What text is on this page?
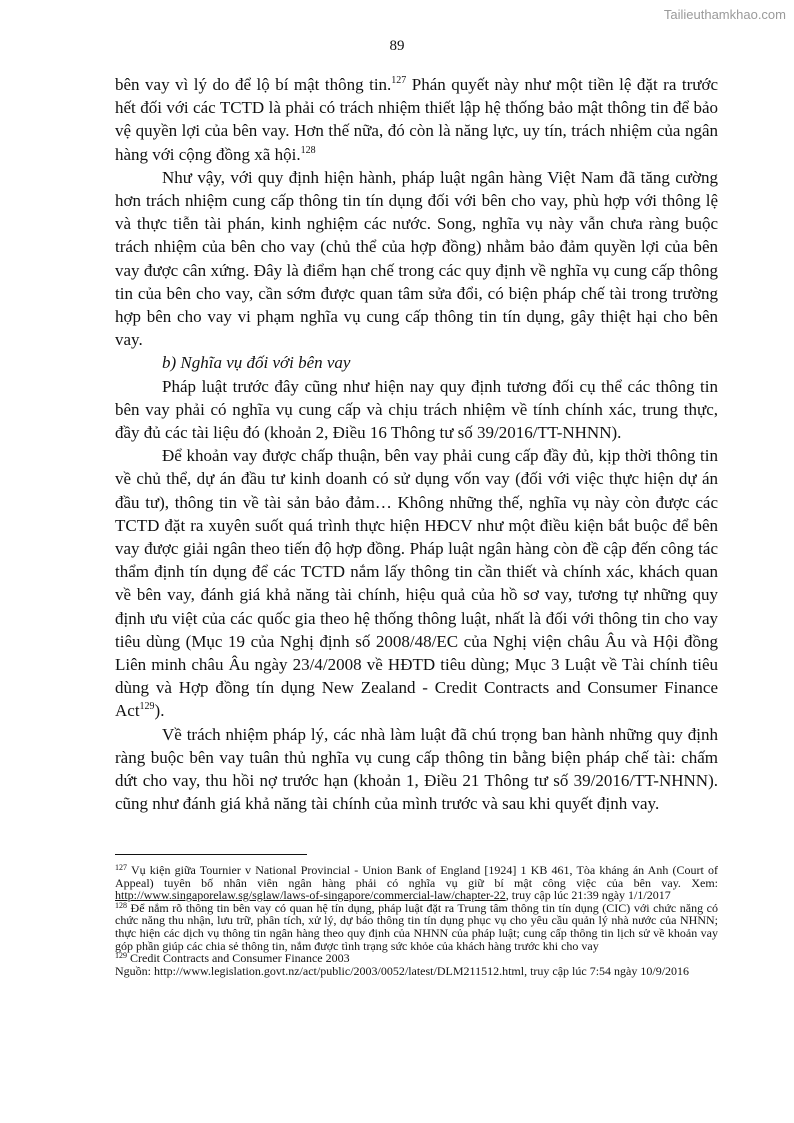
Tailieuthamkhao.com
89

bên vay vì lý do để lộ bí mật thông tin.$^{127}$ Phán quyết này như một tiền lệ đặt ra trước hết đối với các TCTD là phải có trách nhiệm thiết lập hệ thống bảo mật thông tin để bảo vệ quyền lợi của bên vay. Hơn thế nữa, đó còn là năng lực, uy tín, trách nhiệm của ngân hàng với cộng đồng xã hội.$^{128}$

Như vậy, với quy định hiện hành, pháp luật ngân hàng Việt Nam đã tăng cường hơn trách nhiệm cung cấp thông tin tín dụng đối với bên cho vay, phù hợp với thông lệ và thực tiễn tài phán, kinh nghiệm các nước. Song, nghĩa vụ này vẫn chưa ràng buộc trách nhiệm của bên cho vay (chủ thể của hợp đồng) nhằm bảo đảm quyền lợi của bên vay được cân xứng. Đây là điểm hạn chế trong các quy định về nghĩa vụ cung cấp thông tin của bên cho vay, cần sớm được quan tâm sửa đổi, có biện pháp chế tài trong trường hợp bên cho vay vi phạm nghĩa vụ cung cấp thông tin tín dụng, gây thiệt hại cho bên vay.

b) Nghĩa vụ đối với bên vay

Pháp luật trước đây cũng như hiện nay quy định tương đối cụ thể các thông tin bên vay phải có nghĩa vụ cung cấp và chịu trách nhiệm về tính chính xác, trung thực, đầy đủ các tài liệu đó (khoản 2, Điều 16 Thông tư số 39/2016/TT-NHNN).

Để khoản vay được chấp thuận, bên vay phải cung cấp đầy đủ, kịp thời thông tin về chủ thể, dự án đầu tư kinh doanh có sử dụng vốn vay (đối với việc thực hiện dự án đầu tư), thông tin về tài sản bảo đảm… Không những thế, nghĩa vụ này còn được các TCTD đặt ra xuyên suốt quá trình thực hiện HĐCV như một điều kiện bắt buộc để bên vay được giải ngân theo tiến độ hợp đồng. Pháp luật ngân hàng còn đề cập đến công tác thẩm định tín dụng để các TCTD nắm lấy thông tin cần thiết và chính xác, khách quan về bên vay, đánh giá khả năng tài chính, hiệu quả của hồ sơ vay, tương tự những quy định ưu việt của các quốc gia theo hệ thống thông luật, nhất là đối với thông tin cho vay tiêu dùng (Mục 19 của Nghị định số 2008/48/EC của Nghị viện châu Âu và Hội đồng Liên minh châu Âu ngày 23/4/2008 về HĐTD tiêu dùng; Mục 3 Luật về Tài chính tiêu dùng và Hợp đồng tín dụng New Zealand - Credit Contracts and Consumer Finance Act$^{129}$).

Về trách nhiệm pháp lý, các nhà làm luật đã chú trọng ban hành những quy định ràng buộc bên vay tuân thủ nghĩa vụ cung cấp thông tin bằng biện pháp chế tài: chấm dứt cho vay, thu hồi nợ trước hạn (khoản 1, Điều 21 Thông tư số 39/2016/TT-NHNN). cũng như đánh giá khả năng tài chính của mình trước và sau khi quyết định vay.

$^{127}$ Vụ kiện giữa Tournier v National Provincial - Union Bank of England [1924] 1 KB 461, Tòa kháng án Anh (Court of Appeal) tuyên bố nhân viên ngân hàng phải có nghĩa vụ giữ bí mật công việc của bên vay. Xem: http://www.singaporelaw.sg/sglaw/laws-of-singapore/commercial-law/chapter-22, truy cập lúc 21:39 ngày 1/1/2017

$^{128}$ Để nắm rõ thông tin bên vay có quan hệ tín dụng, pháp luật đặt ra Trung tâm thông tin tín dụng (CIC) với chức năng có chức năng thu nhận, lưu trữ, phân tích, xử lý, dự báo thông tin tín dụng phục vụ cho yêu cầu quản lý nhà nước của NHNN; thực hiện các dịch vụ thông tin ngân hàng theo quy định của NHNN của pháp luật; cung cấp thông tin lịch sử về khoản vay góp phần giúp các chia sẻ thông tin, nắm được tình trạng sức khỏe của khách hàng trước khi cho vay

$^{129}$ Credit Contracts and Consumer Finance 2003

Nguồn: http://www.legislation.govt.nz/act/public/2003/0052/latest/DLM211512.html, truy cập lúc 7:54 ngày 10/9/2016
